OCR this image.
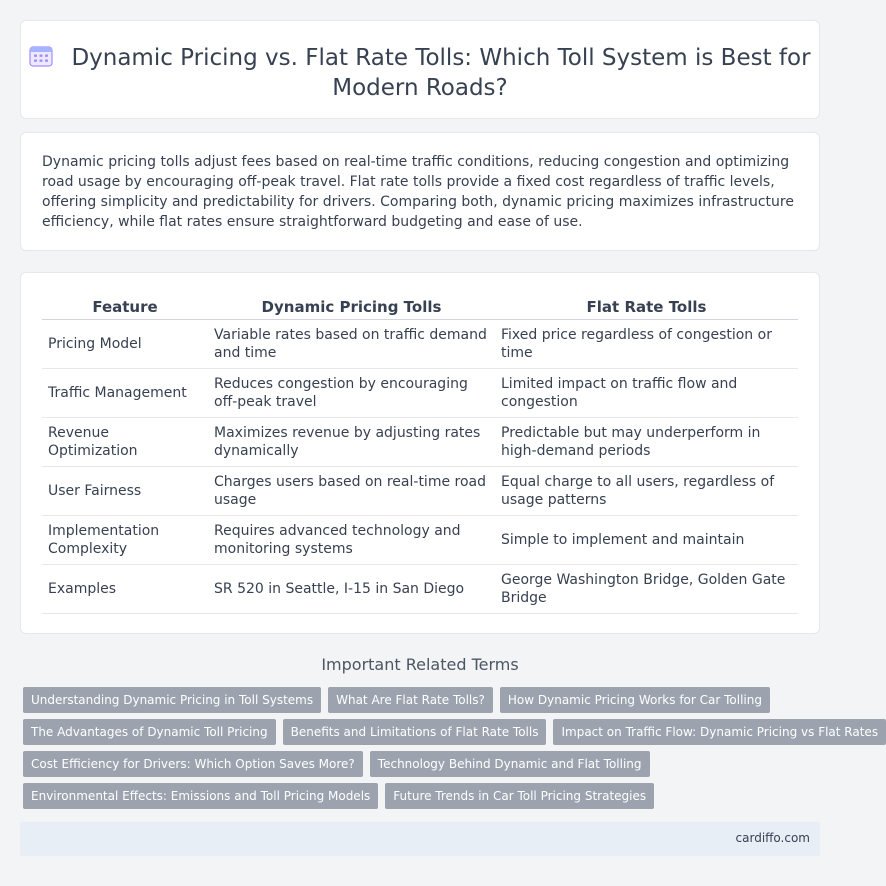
Dynamic Pricing vs. Flat Rate Tolls: Which Toll System is Best for
Modern Roads?

Dynamic pricing tolls adjust fees based on real-time traffic conditions, reducing congestion and optimizing road usage by encouraging off-peak travel. Flat rate tolls provide a fixed cost regardless of traffic levels, offering simplicity and predictability for drivers. Comparing both, dynamic pricing maximizes infrastructure efficiency, while flat rates ensure straightforward budgeting and ease of use.

Feature	Dynamic Pricing Tolls	Flat Rate Tolls
Pricing Model	Variable rates based on traffic demand and time	Fixed price regardless of congestion or time
Traffic Management	Reduces congestion by encouraging off-peak travel	Limited impact on traffic flow and congestion
Revenue Optimization	Maximizes revenue by adjusting rates dynamically	Predictable but may underperform in high-demand periods
User Fairness	Charges users based on real-time road usage	Equal charge to all users, regardless of usage patterns
Implementation Complexity	Requires advanced technology and monitoring systems	Simple to implement and maintain
Examples	SR 520 in Seattle, I-15 in San Diego	George Washington Bridge, Golden Gate Bridge
Important Related Terms
Understanding Dynamic Pricing in Toll Systems	What Are Flat Rate Tolls?	How Dynamic Pricing Works for Car Tolling
The Advantages of Dynamic Toll Pricing	Benefits and Limitations of Flat Rate Tolls	Impact on Traffic Flow: Dynamic Pricing vs Flat Rates
Cost Efficiency for Drivers: Which Option Saves More?	Technology Behind Dynamic and Flat Tolling
Environmental Effects: Emissions and Toll Pricing Models	Future Trends in Car Toll Pricing Strategies
cardiffo.com
